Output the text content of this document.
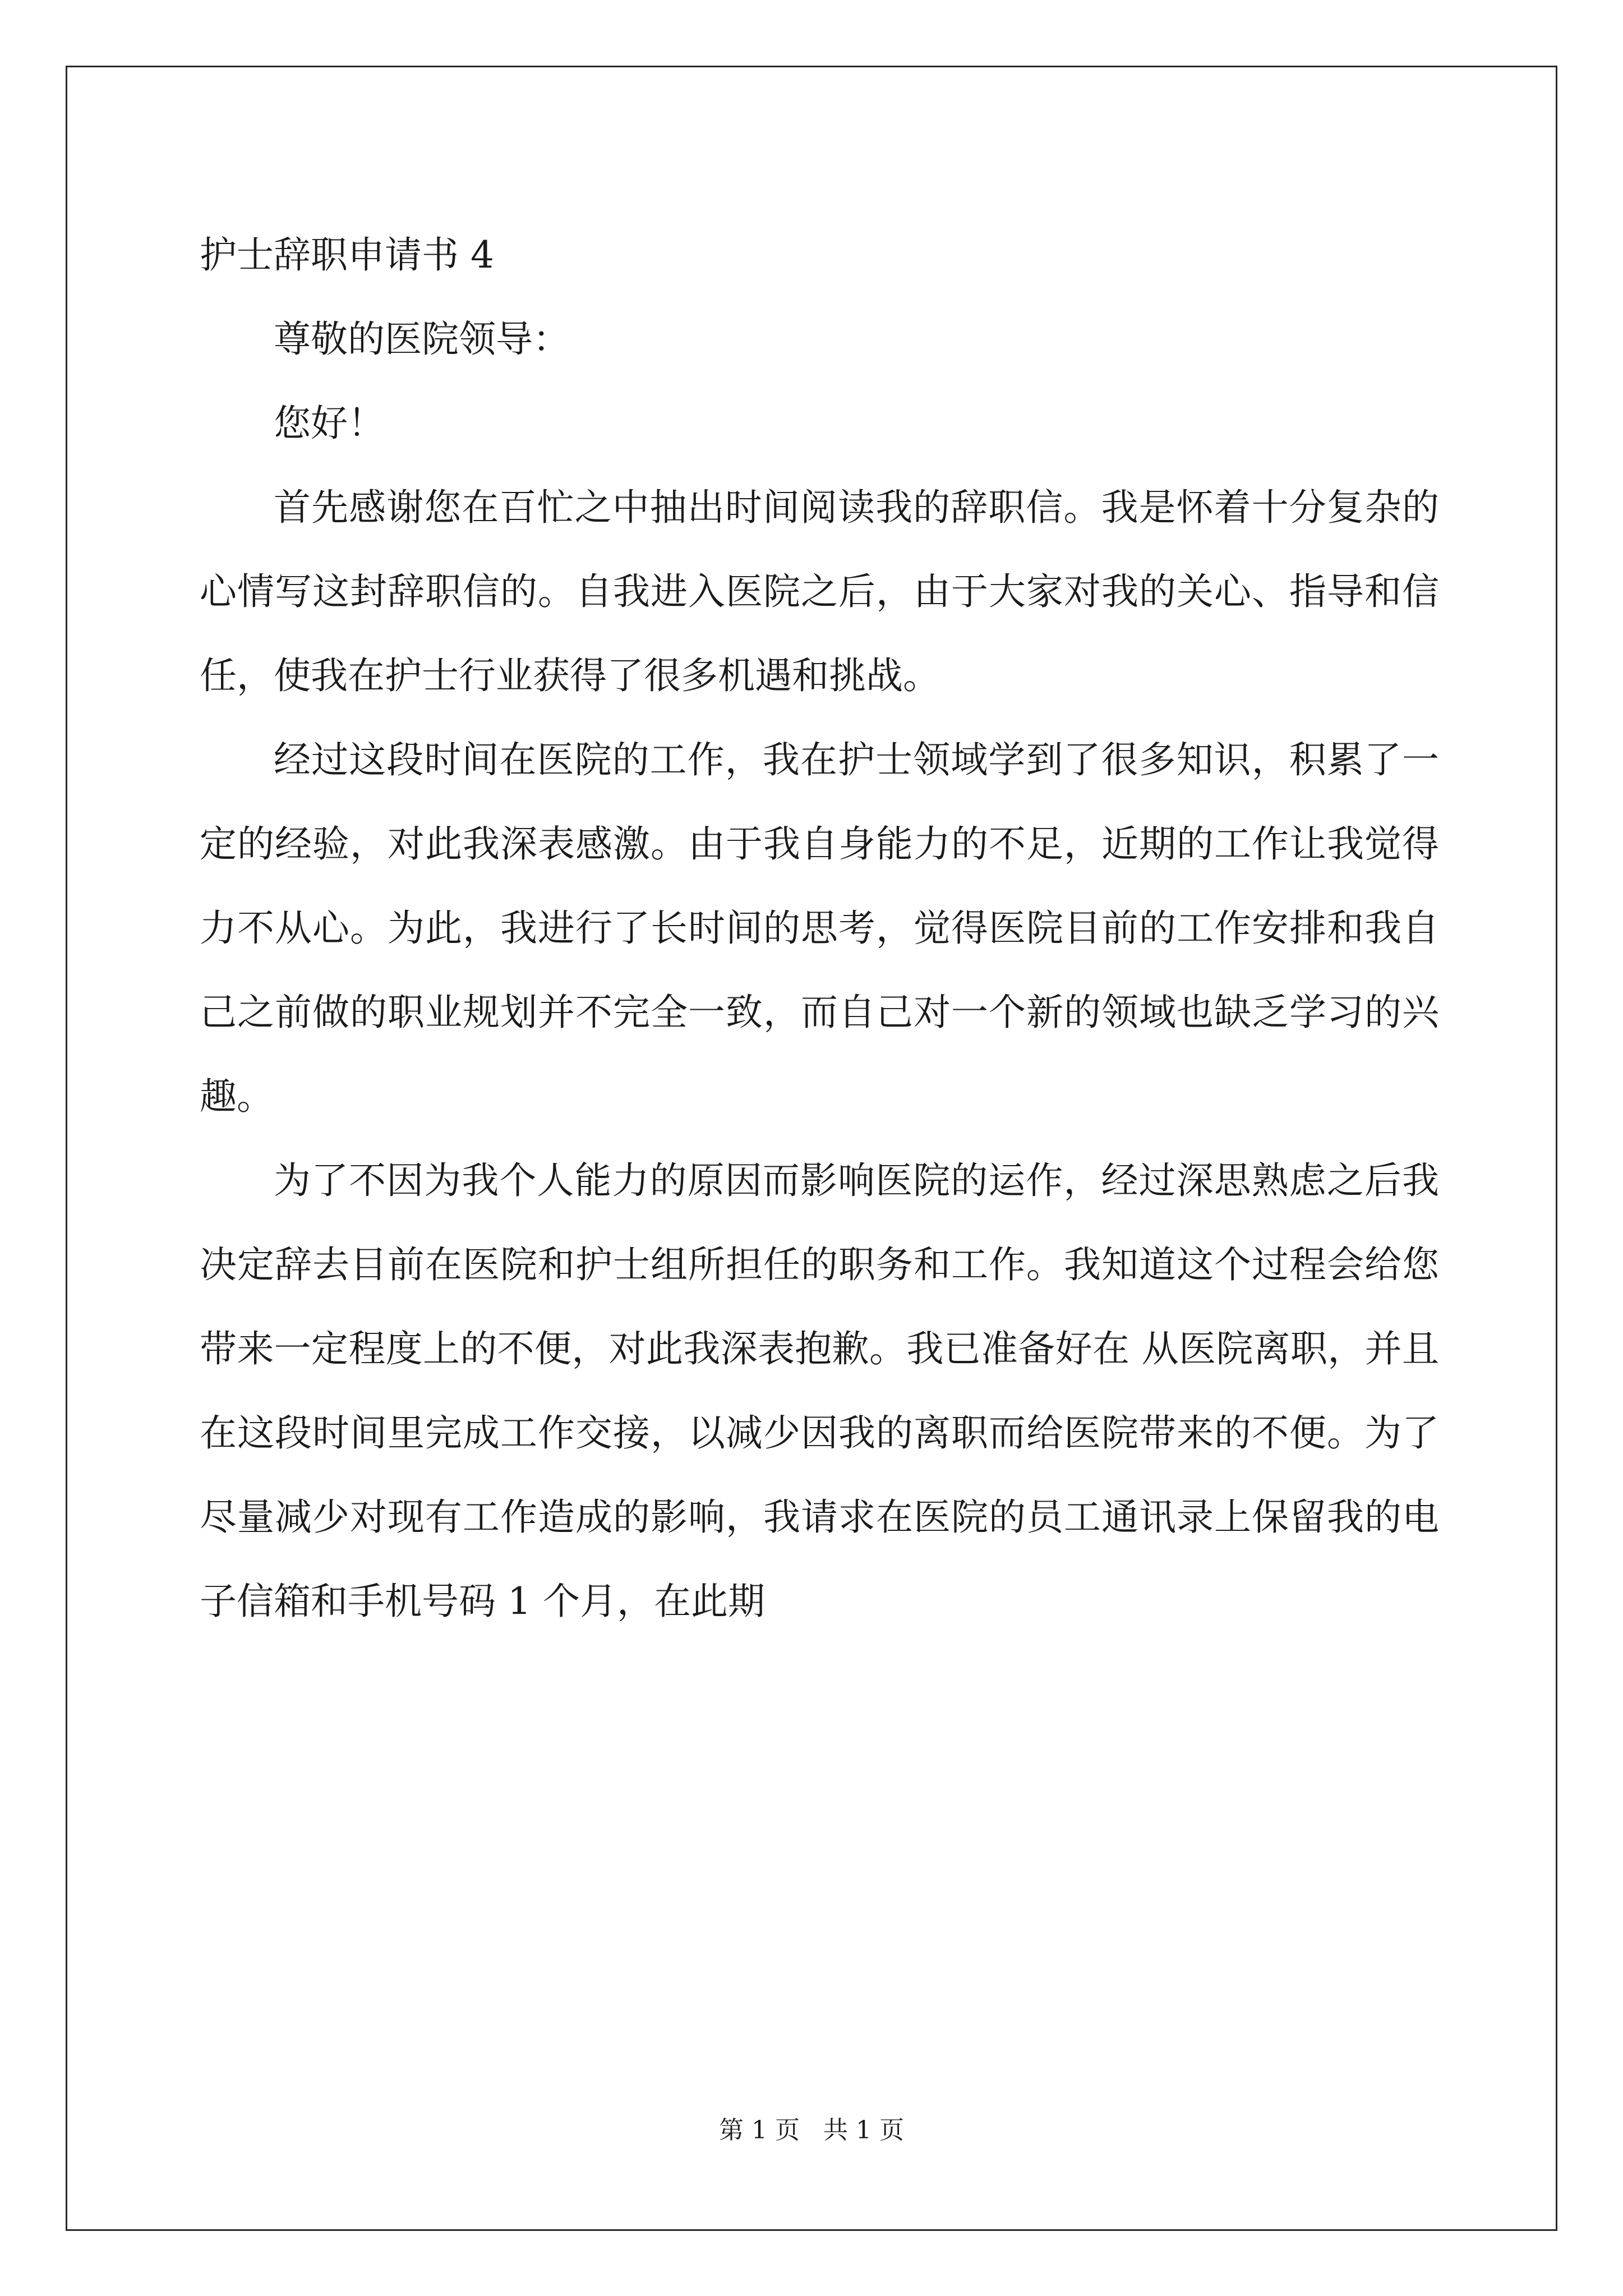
护士辞职申请书 4

尊敬的医院领导：

您好！

首先感谢您在百忙之中抽出时间阅读我的辞职信。我是怀着十分复杂的心情写这封辞职信的。自我进入医院之后，由于大家对我的关心、指导和信任，使我在护士行业获得了很多机遇和挑战。

经过这段时间在医院的工作，我在护士领域学到了很多知识，积累了一定的经验，对此我深表感激。由于我自身能力的不足，近期的工作让我觉得力不从心。为此，我进行了长时间的思考，觉得医院目前的工作安排和我自己之前做的职业规划并不完全一致，而自己对一个新的领域也缺乏学习的兴趣。

为了不因为我个人能力的原因而影响医院的运作，经过深思熟虑之后我决定辞去目前在医院和护士组所担任的职务和工作。我知道这个过程会给您带来一定程度上的不便，对此我深表抱歉。我已准备好在 从医院离职，并且在这段时间里完成工作交接，以减少因我的离职而给医院带来的不便。为了尽量减少对现有工作造成的影响，我请求在医院的员工通讯录上保留我的电子信箱和手机号码 1 个月，在此期

第 1 页   共 1 页
